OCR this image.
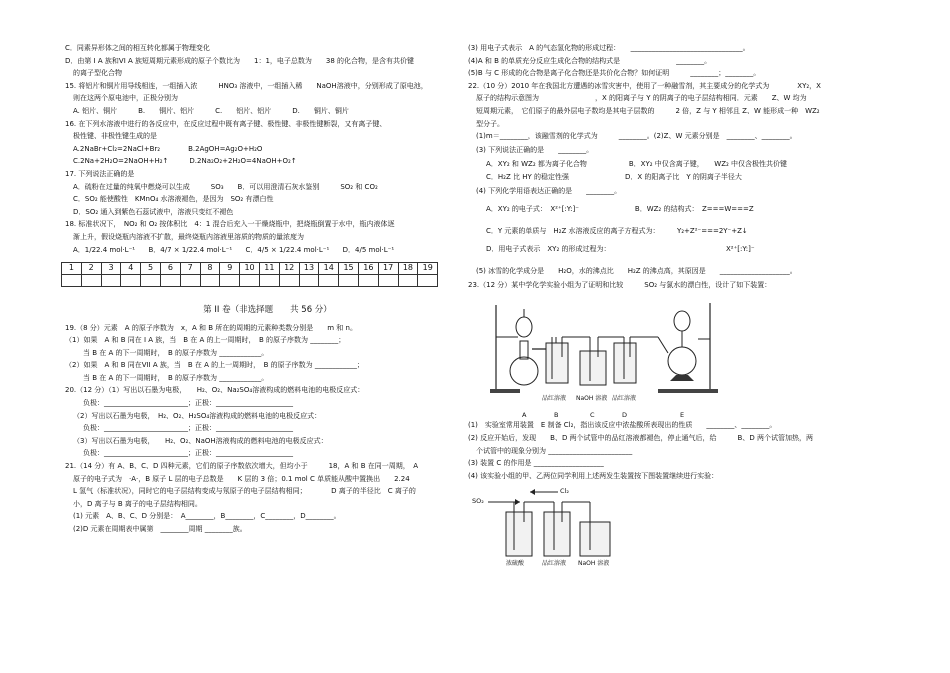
C．同素异形体之间的相互转化都属于物理变化

D．由第 I A 族和VI A 族短周期元素形成的原子个数比为　　1：1，电子总数为　　38 的化合物，是含有共价键

的离子型化合物

15. 将铝片和铜片用导线相连，一组插入浓　　　HNO₃ 溶液中，一组插入稀　　NaOH溶液中，分别形成了原电池，

则在这两个原电池中，正极分别为

A. 铝片、铜片　　　B.　　铜片、铝片　　　C.　　铝片、铝片　　　D.　　铜片、铜片

16. 在下列水溶液中进行的各反应中，在反应过程中既有离子键、极性键、非极性键断裂，又有离子键、

极性键、非极性键生成的是

A.2NaBr+Cl₂=2NaCl+Br₂　　　　B.2AgOH=Ag₂O+H₂O

C.2Na+2H₂O=2NaOH+H₂↑　　　D.2Na₂O₂+2H₂O=4NaOH+O₂↑

17. 下列说法正确的是

A．硫粉在过量的纯氧中燃烧可以生成　　　SO₃　　B．可以用澄清石灰水鉴别　　　SO₂ 和 CO₂

C．SO₂ 能使酸性　KMnO₄ 水溶液褪色，是因为　SO₂ 有漂白性

D．SO₂ 通入到紫色石蕊试液中，溶液只变红不褪色

18. 标准状况下，　NO₂ 和 O₂ 按体积比　4：1 混合后充入一干燥烧瓶中，把烧瓶倒置于水中，瓶内液体逐

渐上升，假设烧瓶内溶液不扩散，最终烧瓶内溶液里溶质的物质的量浓度为

A．1/22.4 mol·L⁻¹ B．4/7 × 1/22.4 mol·L⁻¹ C．4/5 × 1/22.4 mol·L⁻¹ D．4/5 mol·L⁻¹

1	2	3	4	5	6	7	8	9	10	11	12	13	14	15	16	17	18	19

第 II 卷（非选择题　　共 56 分）

19.（8 分）元素　A 的原子序数为　x，A 和 B 所在的周期的元素种类数分别是　　m 和 n。

（1）如果　A 和 B 同在 I A 族，当　B 在 A 的上一周期时，　B 的原子序数为 ________；

当 B 在 A 的下一周期时，　B 的原子序数为 ____________。

（2）如果　A 和 B 同在VII A 族，当　B 在 A 的上一周期时，　B 的原子序数为 ____________；

当 B 在 A 的下一周期时，　B 的原子序数为 ____________。

20.（12 分）（1）写出以石墨为电极，　　H₂、O₂、Na₂SO₄溶液构成的燃料电池的电极反应式：

负极：________________________；正极：______________________

（2）写出以石墨为电极，　H₂、O₂、H₂SO₄溶液构成的燃料电池的电极反应式：

负极：________________________；正极：______________________

（3）写出以石墨为电极，　　H₂、O₂、NaOH溶液构成的燃料电池的电极反应式：

负极：________________________；正极：______________________

21.（14 分）有 A、B、C、D 四种元素，它们的原子序数依次增大，但均小于　　　18，A 和 B 在同一周期，　A

原子的电子式为　·A·，B 原子 L 层的电子总数是　　K 层的 3 倍；0.1 mol C 单质能从酸中置换出　　2.24

L 氢气（标准状况），同时它的电子层结构变成与氖原子的电子层结构相同；　　　　D 离子的半径比　C 离子的

小，D 离子与 B 离子的电子层结构相同。

(1) 元素　A、B、C、D 分别是：　A________，B________，C________，D________。

(2)D 元素在周期表中属第　________周期 ________族。

(3) 用电子式表示　A 的气态氢化物的形成过程：　　________________________________。

(4)A 和 B 的单质充分反应生成化合物的结构式是　　　　　　　　________。

(5)B 与 C 形成的化合物是离子化合物还是共价化合物？如何证明　　　________；________。

22.（10 分）2010 年在我国北方遭遇的冰雪灾害中，使用了一种融雪剂，其主要成分的化学式为　　　　XY₂，X

原子的结构示意图为　　　　　　　　，X 的阳离子与 Y 的阴离子的电子层结构相同．元素　　Z、W 均为

短周期元素，　它们原子的最外层电子数均是其电子层数的　　　2 倍，Z 与 Y 相邻且 Z、W 能形成一种　WZ₂

型分子。

(1)m＝________，该融雪剂的化学式为　　　________。(2)Z、W 元素分别是　________、________。

(3) 下列说法正确的是　　________。

A．XY₂ 和 WZ₂ 都为离子化合物　　　　　　B．XY₂ 中仅含离子键，　　WZ₂ 中仅含极性共价键

C．H₂Z 比 HY 的稳定性强　　　　　　　　D．X 的阳离子比　Y 的阴离子半径大

(4) 下列化学用语表达正确的是　　________。

A．XY₂ 的电子式：　X²⁺[:Y:]⁻　　　　　　　　B．WZ₂ 的结构式：　Z===W===Z

C．Y 元素的单质与　H₂Z 水溶液反应的离子方程式为：　　　Y₂+Z²⁻===2Y⁻+Z↓

D．用电子式表示　XY₂ 的形成过程为：　　　　　　　　　　　　　　　　　X²⁺[:Y:]⁻

(5) 冰雪的化学成分是　　H₂O，水的沸点比　　H₂Z 的沸点高，其原因是　　____________________。

23.（12 分）某中学化学实验小组为了证明和比较　　　SO₂ 与氯水的漂白性，设计了如下装置：

品红溶液 NaOH 溶液 品红溶液
A	B	C	D	E

(1)　实验室常用装置　E 制备 Cl₂，指出该反应中浓盐酸所表现出的性质　　________、________。

(2) 反应开始后，发现　　B、D 两个试管中的品红溶液都褪色，停止通气后，给　　　B、D 两个试管加热，两

个试管中的现象分别为 ________________________

(3) 装置 C 的作用是 ____________________

(4) 该实验小组的甲、乙两位同学利用上述两发生装置按下图装置继续进行实验：

SO₂
Cl₂
浓硫酸	品红溶液 NaOH 溶液
